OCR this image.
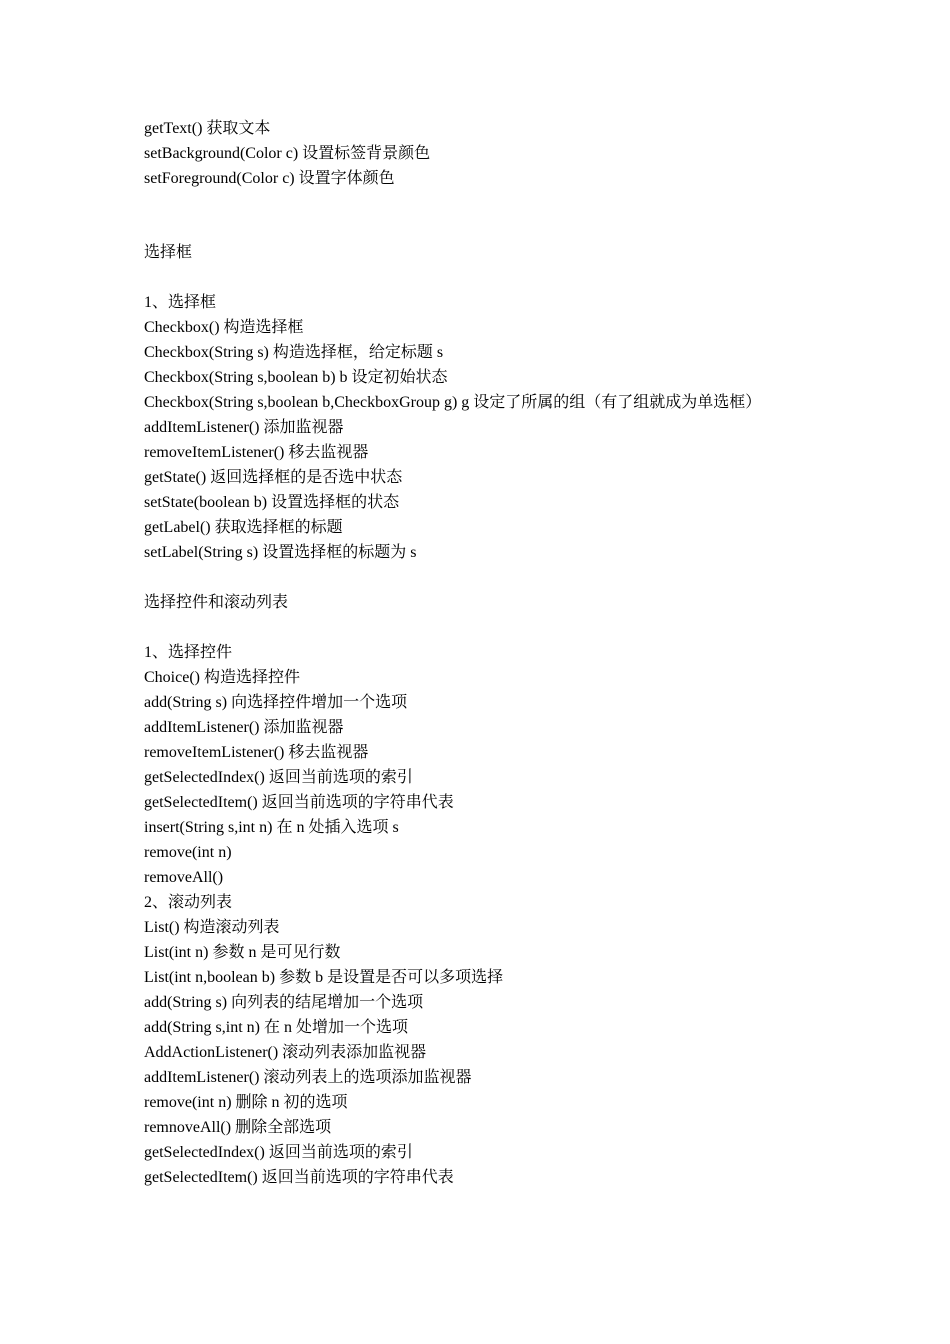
getText() 获取文本
setBackground(Color c) 设置标签背景颜色
setForeground(Color c) 设置字体颜色
选择框
1、选择框
Checkbox() 构造选择框
Checkbox(String s) 构造选择框，给定标题 s
Checkbox(String s,boolean b) b 设定初始状态
Checkbox(String s,boolean b,CheckboxGroup g) g 设定了所属的组（有了组就成为单选框）
addItemListener() 添加监视器
removeItemListener() 移去监视器
getState() 返回选择框的是否选中状态
setState(boolean b) 设置选择框的状态
getLabel() 获取选择框的标题
setLabel(String s) 设置选择框的标题为 s
选择控件和滚动列表
1、选择控件
Choice() 构造选择控件
add(String s) 向选择控件增加一个选项
addItemListener() 添加监视器
removeItemListener() 移去监视器
getSelectedIndex() 返回当前选项的索引
getSelectedItem() 返回当前选项的字符串代表
insert(String s,int n) 在 n 处插入选项 s
remove(int n)
removeAll()
2、滚动列表
List() 构造滚动列表
List(int n) 参数 n 是可见行数
List(int n,boolean b) 参数 b 是设置是否可以多项选择
add(String s) 向列表的结尾增加一个选项
add(String s,int n) 在 n 处增加一个选项
AddActionListener() 滚动列表添加监视器
addItemListener() 滚动列表上的选项添加监视器
remove(int n) 删除 n 初的选项
remnoveAll() 删除全部选项
getSelectedIndex() 返回当前选项的索引
getSelectedItem() 返回当前选项的字符串代表
